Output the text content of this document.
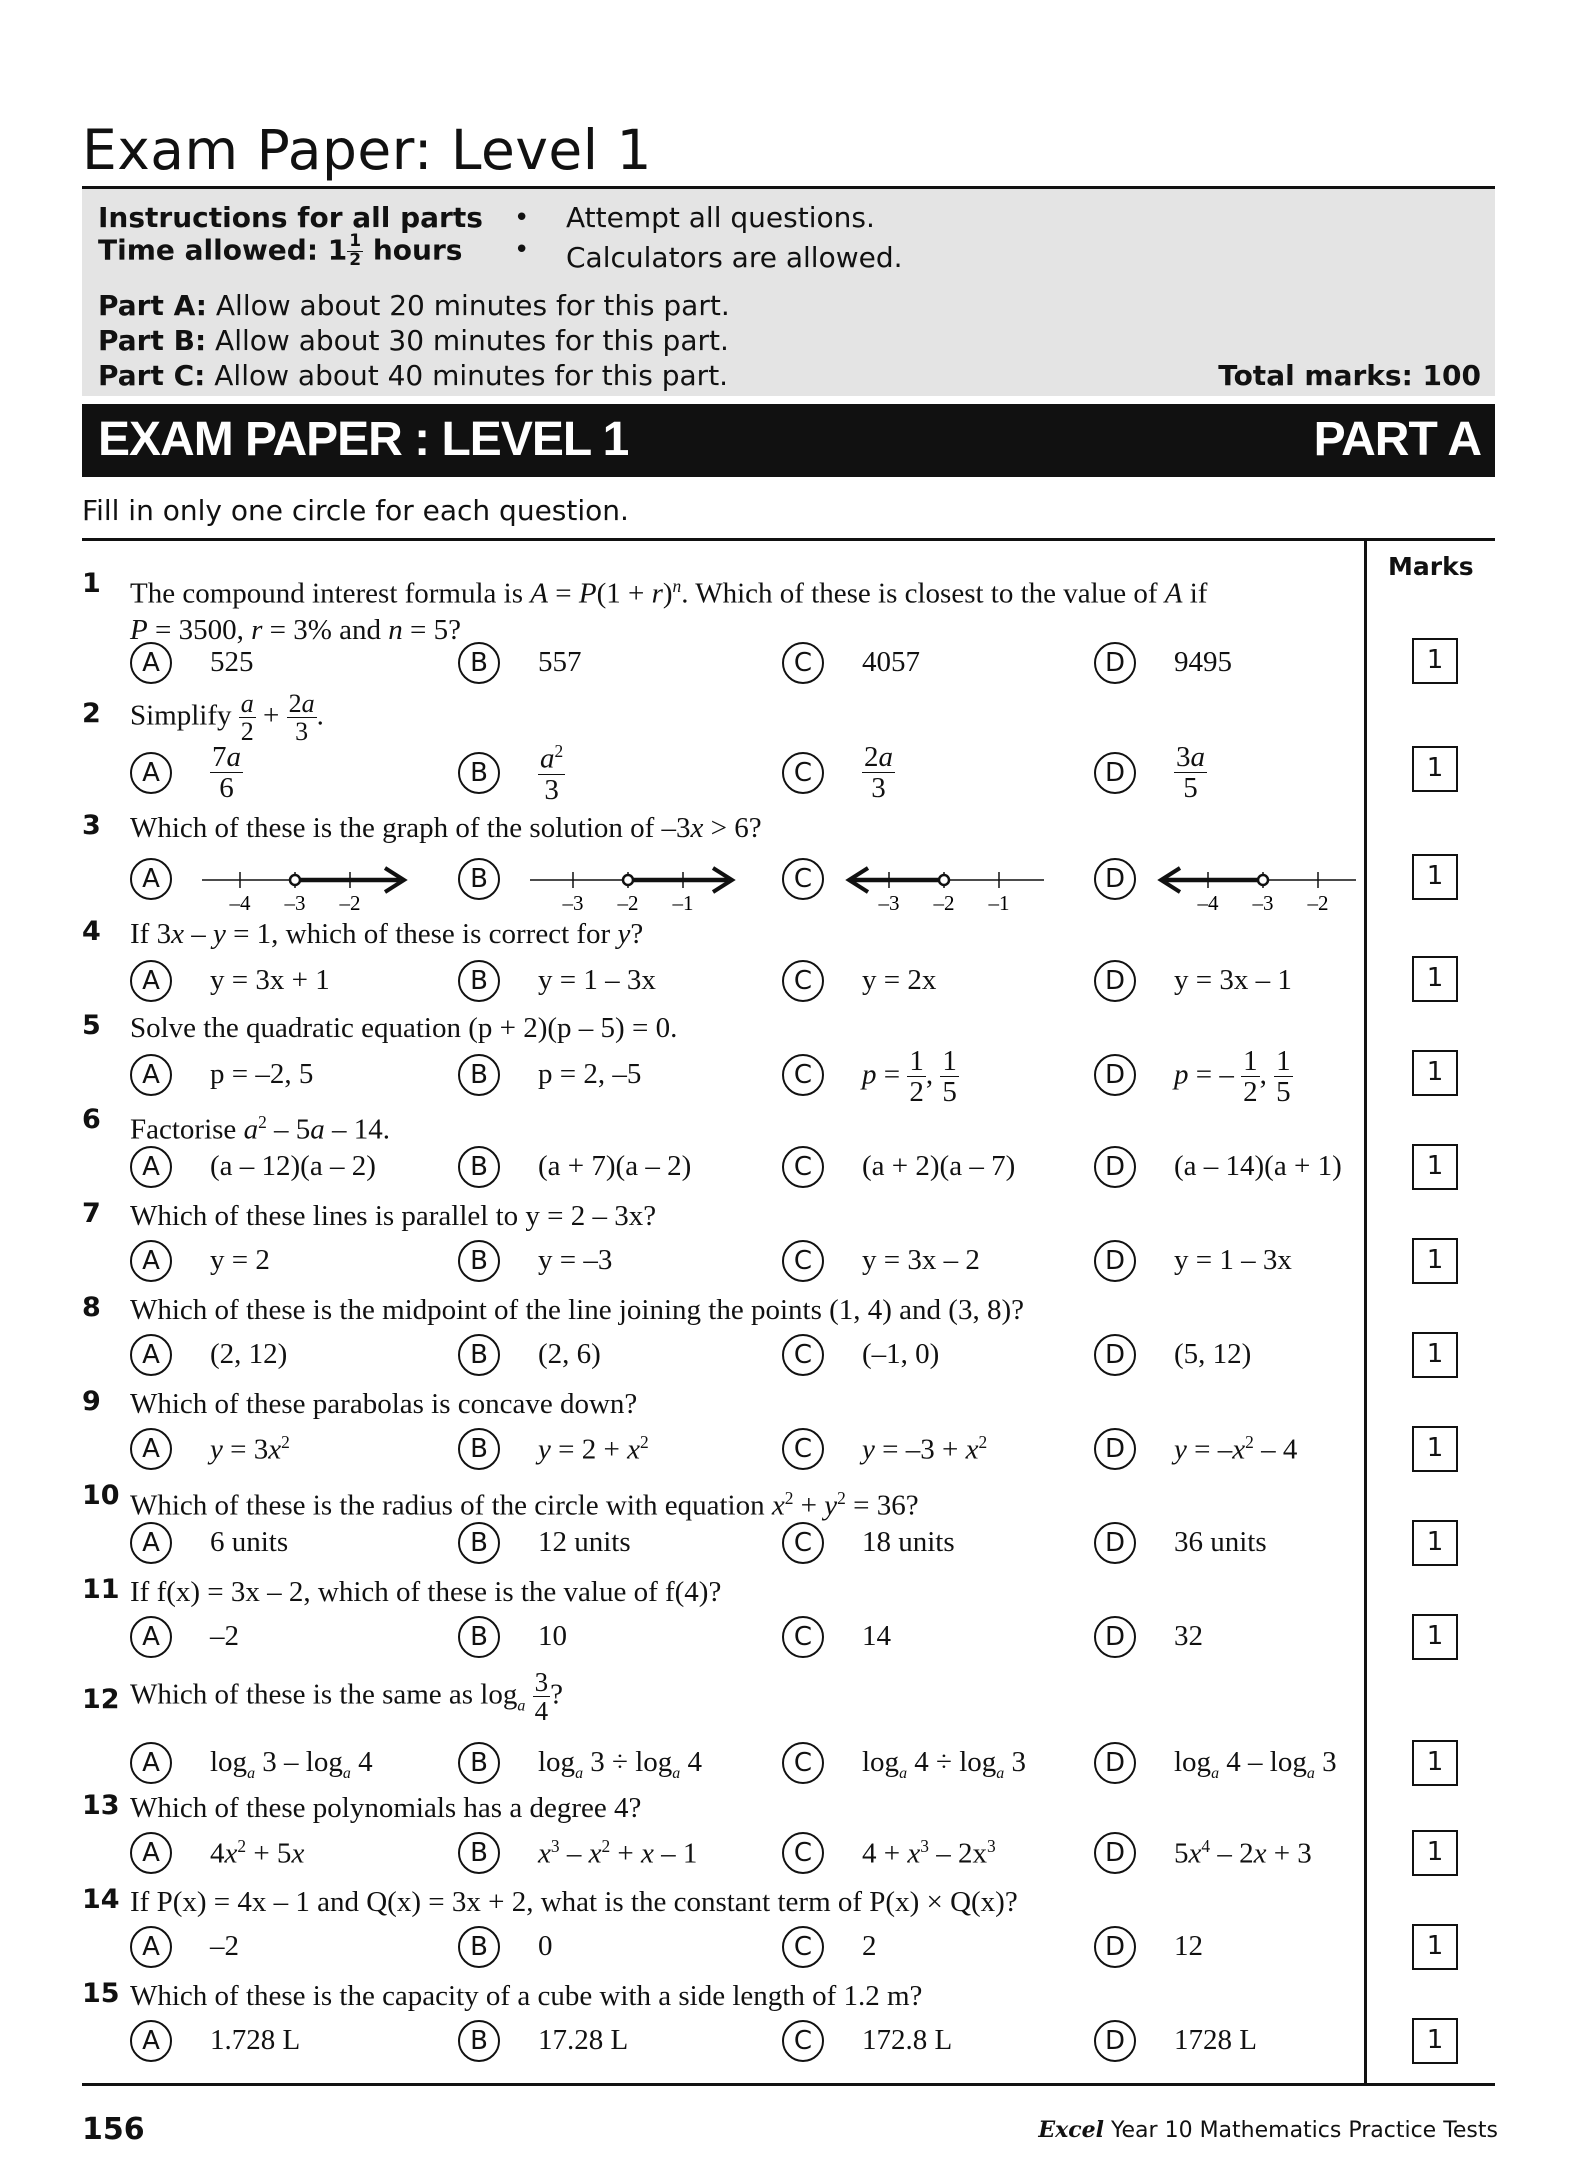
Exam Paper: Level 1
Instructions for all parts
Time allowed: $1 \frac{1}{2}$ hours
•
•
Attempt all questions.
Calculators are allowed.
Part A: Allow about 20 minutes for this part.
Part B: Allow about 30 minutes for this part.
Part C: Allow about 40 minutes for this part.	Total marks: 100
EXAM PAPER : LEVEL 1	PART A
Fill in only one circle for each question.
Marks
1 The compound interest formula is $A = P(1 + r)^n$. Which of these is closest to the value of A if
P = 3500, r = 3% and n = 5?
A	525	B	557	C	4057	D	9495	1
2 Simplify $\frac{a}{2} + \frac{2a}{3}$ .
A	$\frac{7a}{6}$	B	$\frac{a^2}{3}$	C	$\frac{2a}{3}$	D	$\frac{3a}{5}$	1
3 Which of these is the graph of the solution of –3x > 6?
A
–4 –3 –2
B
–3 –2 –1
C
–3 –2 –1
D
–4 –3 –2
1
4 If 3x – y = 1, which of these is correct for y?
A	y = 3x + 1	B	y = 1 – 3x	C	y = 2x	D	y = 3x – 1	1
5 Solve the quadratic equation (p + 2)(p – 5) = 0.
A	p = –2, 5	B	p = 2, –5	C	$p = \frac{1}{2}$ , $\frac{1}{5}$	D	p = – $\frac{1}{2}$ , $\frac{1}{5}$	1
6 Factorise $a^2 - 5a - 14$.
A	(a – 12)(a – 2)	B	(a + 7)(a – 2)	C	(a + 2)(a – 7)	D	(a – 14)(a + 1)	1
7 Which of these lines is parallel to y = 2 – 3x?
A	y = 2	B	y = –3	C	y = 3x – 2	D	y = 1 – 3x	1
8 Which of these is the midpoint of the line joining the points (1, 4) and (3, 8)?
A	(2, 12)	B	(2, 6)	C	(–1, 0)	D	(5, 12)	1
9 Which of these parabolas is concave down?
A	$y = 3x^2$	B	$y = 2 + x^2$	C	$y = -3 + x^2$	D	$y = -x^2 - 4$	1
10 Which of these is the radius of the circle with equation $x^2 + y^2 = 36$?
A	6 units	B	12 units	C	18 units	D	36 units	1
11 If f(x) = 3x – 2, which of these is the value of f(4)?
A	–2	B	10	C	14	D	32	1
12 Which of these is the same as $\log_a \frac{3}{4}$ ?
A	$\log_a 3 - \log_a 4$	B	$\log_a 3 \div \log_a 4$	C	$\log_a 4 \div \log_a 3$	D	$\log_a 4 - \log_a 3$	1
13 Which of these polynomials has a degree 4?
A	$4x^2 + 5x$	B	$x^3 - x^2 + x - 1$	C	$4 + x^3 - 2x^3$	D	$5x^4 - 2x + 3$	1
14 If P(x) = 4x – 1 and Q(x) = 3x + 2, what is the constant term of P(x) × Q(x)?
A	–2	B	0	C	2	D	12	1
15 Which of these is the capacity of a cube with a side length of 1.2 m?
A	1.728 L	B	17.28 L	C	172.8 L	D	1728 L	1
156	Excel Year 10 Mathematics Practice Tests
